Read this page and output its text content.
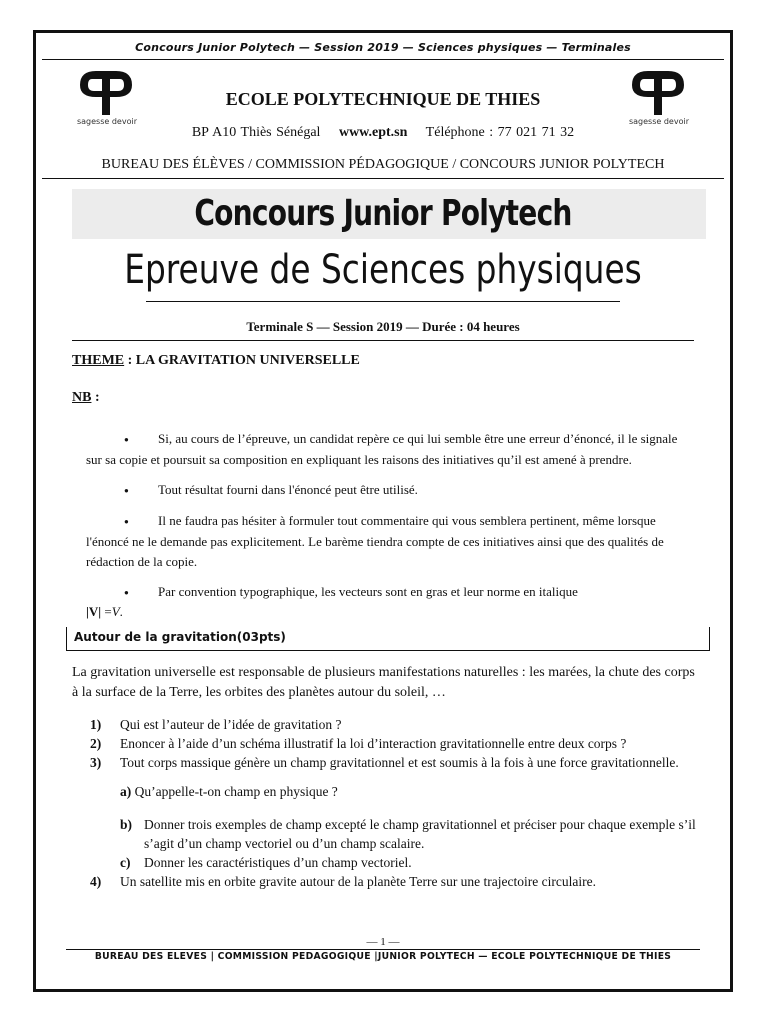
Concours Junior Polytech — Session 2019 — Sciences physiques — Terminales
sagesse devoir	sagesse devoir
ECOLE POLYTECHNIQUE DE THIES
BP A10 Thiès Sénégal www.ept.sn Téléphone : 77 021 71 32
BUREAU DES ÉLÈVES / COMMISSION PÉDAGOGIQUE / CONCOURS JUNIOR POLYTECH
Concours Junior Polytech
Epreuve de Sciences physiques
Terminale S — Session 2019 — Durée : 04 heures
THEME : LA GRAVITATION UNIVERSELLE
NB :
● Si, au cours de l’épreuve, un candidat repère ce qui lui semble être une erreur d’énoncé, il le signale sur sa copie et poursuit sa composition en expliquant les raisons des initiatives qu’il est amené à prendre.
● Tout résultat fourni dans l'énoncé peut être utilisé.
● Il ne faudra pas hésiter à formuler tout commentaire qui vous semblera pertinent, même lorsque l'énoncé ne le demande pas explicitement. Le barème tiendra compte de ces initiatives ainsi que des qualités de rédaction de la copie.
● Par convention typographique, les vecteurs sont en gras et leur norme en italique
|V| =V.
Autour de la gravitation(03pts)
La gravitation universelle est responsable de plusieurs manifestations naturelles : les marées, la chute des corps à la surface de la Terre, les orbites des planètes autour du soleil, …
1) Qui est l’auteur de l’idée de gravitation ?
2) Enoncer à l’aide d’un schéma illustratif la loi d’interaction gravitationnelle entre deux corps ?
3) Tout corps massique génère un champ gravitationnel et est soumis à la fois à une force gravitationnelle.
a) Qu’appelle-t-on champ en physique ?
b) Donner trois exemples de champ excepté le champ gravitationnel et préciser pour chaque exemple s’il s’agit d’un champ vectoriel ou d’un champ scalaire.
c) Donner les caractéristiques d’un champ vectoriel.
4) Un satellite mis en orbite gravite autour de la planète Terre sur une trajectoire circulaire.
— 1 —
BUREAU DES ELEVES | COMMISSION PEDAGOGIQUE |JUNIOR POLYTECH — ECOLE POLYTECHNIQUE DE THIES
